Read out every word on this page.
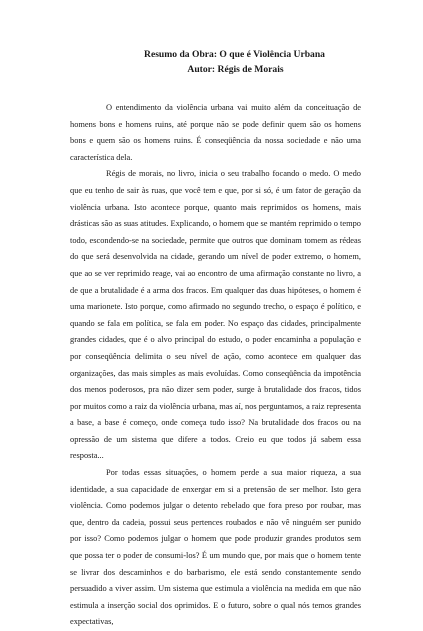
Resumo da Obra: O que é Violência Urbana
Autor: Régis de Morais

O entendimento da violência urbana vai muito além da conceituação de homens bons e homens ruins, até porque não se pode definir quem são os homens bons e quem são os homens ruins. É conseqüência da nossa sociedade e não uma característica dela.

Régis de morais, no livro, inicia o seu trabalho focando o medo. O medo que eu tenho de sair às ruas, que você tem e que, por si só, é um fator de geração da violência urbana. Isto acontece porque, quanto mais reprimidos os homens, mais drásticas são as suas atitudes. Explicando, o homem que se mantém reprimido o tempo todo, escondendo-se na sociedade, permite que outros que dominam tomem as rédeas do que será desenvolvida na cidade, gerando um nível de poder extremo, o homem, que ao se ver reprimido reage, vai ao encontro de uma afirmação constante no livro, a de que a brutalidade é a arma dos fracos. Em qualquer das duas hipóteses, o homem é uma marionete. Isto porque, como afirmado no segundo trecho, o espaço é político, e quando se fala em política, se fala em poder. No espaço das cidades, principalmente grandes cidades, que é o alvo principal do estudo, o poder encaminha a população e por conseqüência delimita o seu nível de ação, como acontece em qualquer das organizações, das mais simples as mais evoluídas. Como conseqüência da impotência dos menos poderosos, pra não dizer sem poder, surge à brutalidade dos fracos, tidos por muitos como a raiz da violência urbana, mas aí, nos perguntamos, a raiz representa a base, a base é começo, onde começa tudo isso? Na brutalidade dos fracos ou na opressão de um sistema que difere a todos. Creio eu que todos já sabem essa resposta...

Por todas essas situações, o homem perde a sua maior riqueza, a sua identidade, a sua capacidade de enxergar em si a pretensão de ser melhor. Isto gera violência. Como podemos julgar o detento rebelado que fora preso por roubar, mas que, dentro da cadeia, possui seus pertences roubados e não vê ninguém ser punido por isso? Como podemos julgar o homem que pode produzir grandes produtos sem que possa ter o poder de consumi-los? É um mundo que, por mais que o homem tente se livrar dos descaminhos e do barbarismo, ele está sendo constantemente sendo persuadido a viver assim. Um sistema que estimula a violência na medida em que não estimula a inserção social dos oprimidos. E o futuro, sobre o qual nós temos grandes expectativas,
